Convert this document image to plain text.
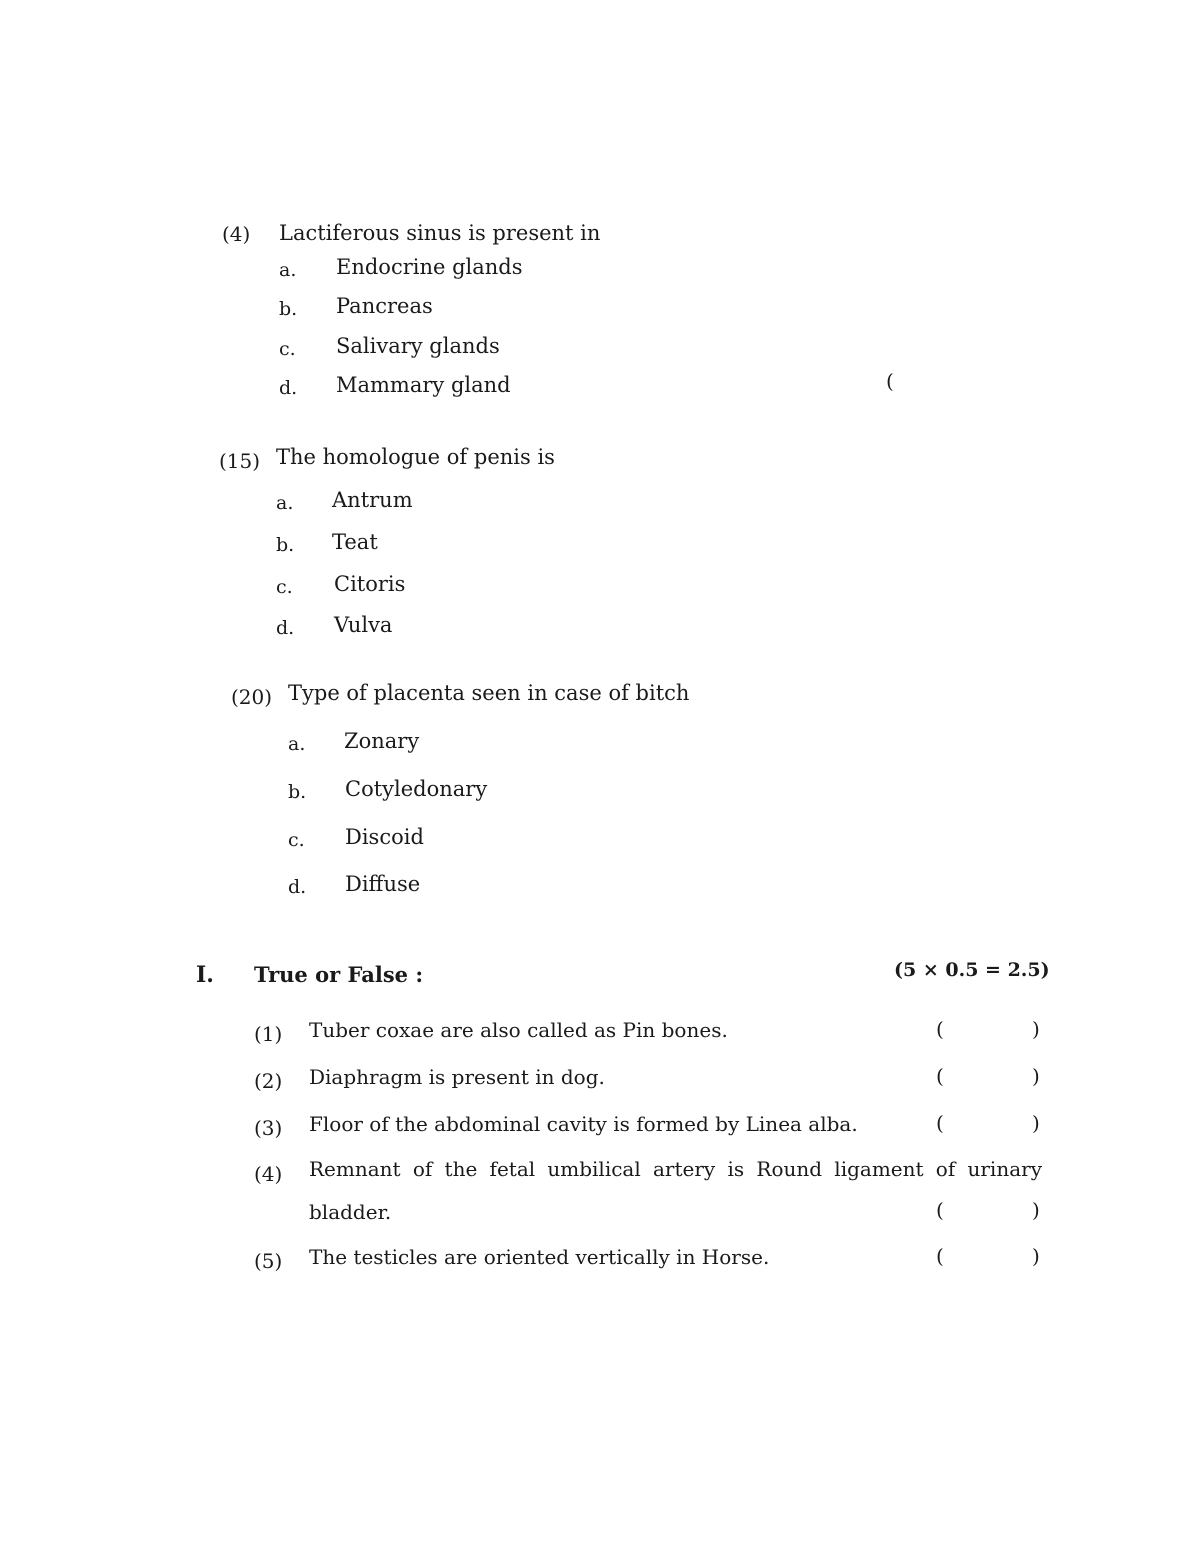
(4) Lactiferous sinus is present in
a. Endocrine glands
b. Pancreas
c. Salivary glands
d. Mammary gland	(
(15) The homologue of penis is
a. Antrum
b. Teat
c. Citoris
d. Vulva
(20) Type of placenta seen in case of bitch
a. Zonary
b. Cotyledonary
c. Discoid
d. Diffuse
I. True or False :	(5 × 0.5 = 2.5)
(1) Tuber coxae are also called as Pin bones.	(	)
(2) Diaphragm is present in dog.	(	)
(3) Floor of the abdominal cavity is formed by Linea alba.	(	)
(4) Remnant of the fetal umbilical artery is Round ligament of urinary
bladder.	(	)
(5) The testicles are oriented vertically in Horse.	(	)
